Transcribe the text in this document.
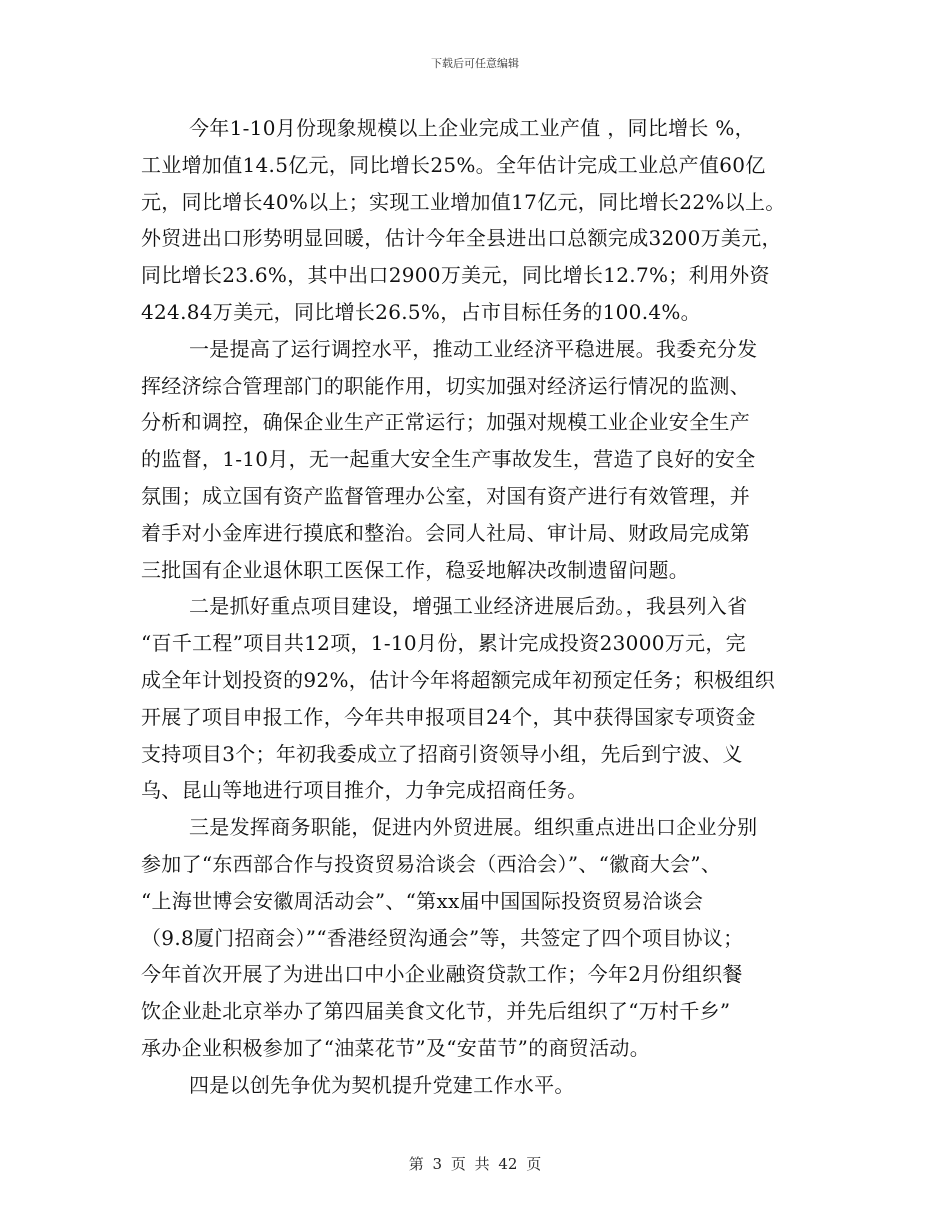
下载后可任意编辑
今年1-10月份现象规模以上企业完成工业产值 ，同比增长 %，
工业增加值14.5亿元，同比增长25%。全年估计完成工业总产值60亿
元，同比增长40%以上；实现工业增加值17亿元，同比增长22%以上。
外贸进出口形势明显回暖，估计今年全县进出口总额完成3200万美元，
同比增长23.6%，其中出口2900万美元，同比增长12.7%；利用外资
424.84万美元，同比增长26.5%，占市目标任务的100.4%。
一是提高了运行调控水平，推动工业经济平稳进展。我委充分发
挥经济综合管理部门的职能作用，切实加强对经济运行情况的监测、
分析和调控，确保企业生产正常运行；加强对规模工业企业安全生产
的监督，1-10月，无一起重大安全生产事故发生，营造了良好的安全
氛围；成立国有资产监督管理办公室，对国有资产进行有效管理，并
着手对小金库进行摸底和整治。会同人社局、审计局、财政局完成第
三批国有企业退休职工医保工作，稳妥地解决改制遗留问题。
二是抓好重点项目建设，增强工业经济进展后劲。，我县列入省
“百千工程”项目共12项，1-10月份，累计完成投资23000万元，完
成全年计划投资的92%，估计今年将超额完成年初预定任务；积极组织
开展了项目申报工作，今年共申报项目24个，其中获得国家专项资金
支持项目3个；年初我委成立了招商引资领导小组，先后到宁波、义
乌、昆山等地进行项目推介，力争完成招商任务。
三是发挥商务职能，促进内外贸进展。组织重点进出口企业分别
参加了“东西部合作与投资贸易洽谈会（西洽会）”、“徽商大会”、
“上海世博会安徽周活动会”、“第xx届中国国际投资贸易洽谈会
（9.8厦门招商会）”“香港经贸沟通会”等，共签定了四个项目协议；
今年首次开展了为进出口中小企业融资贷款工作；今年2月份组织餐
饮企业赴北京举办了第四届美食文化节，并先后组织了“万村千乡”
承办企业积极参加了“油菜花节”及“安苗节”的商贸活动。
四是以创先争优为契机提升党建工作水平。
第 3 页 共 42 页
